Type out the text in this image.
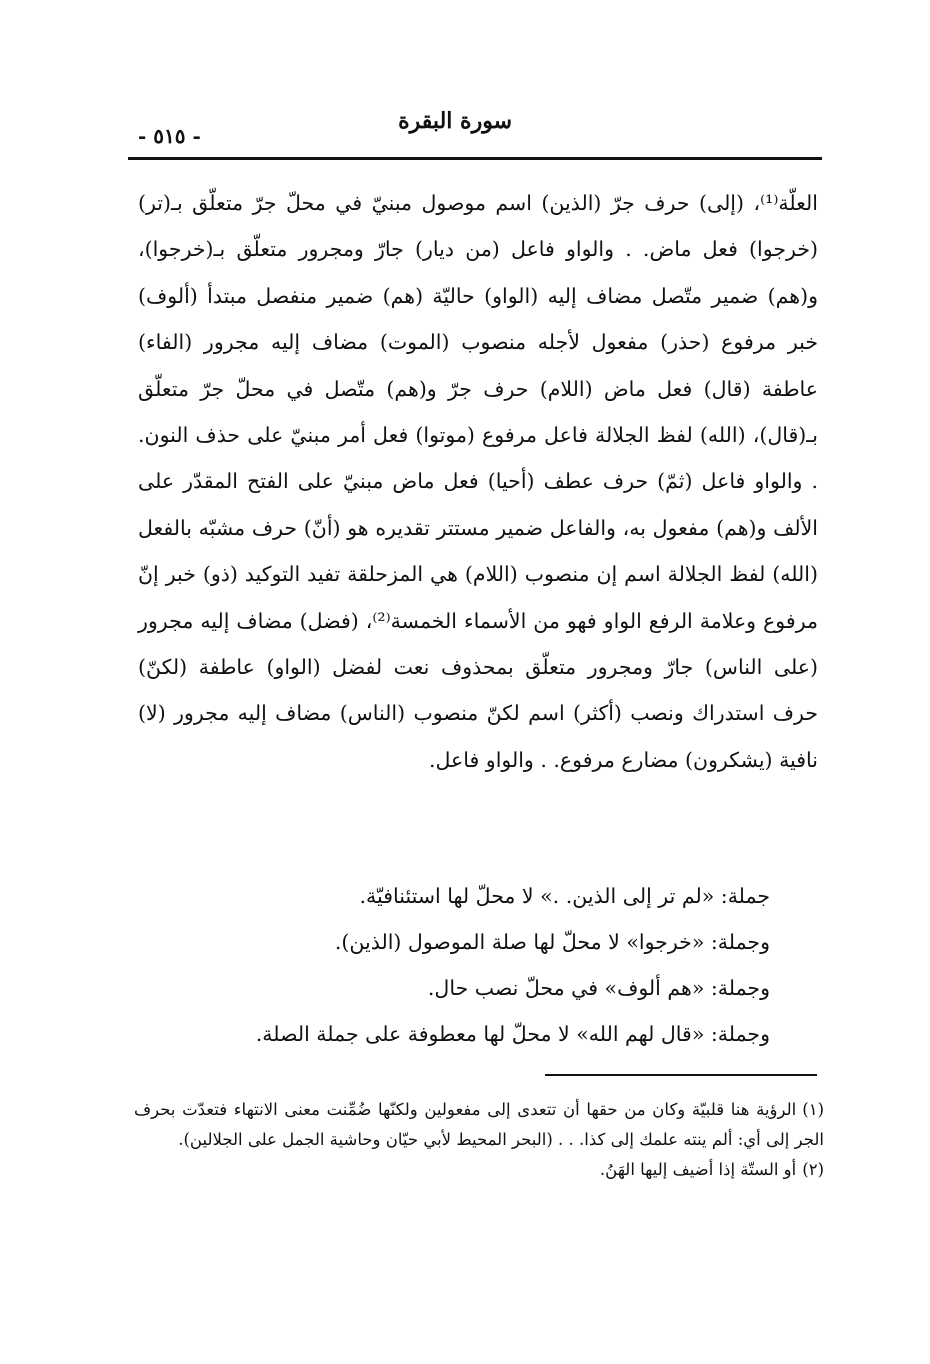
سورة البقرة
- ٥١٥ -

العلّة⁽¹⁾، (إلى) حرف جرّ (الذين) اسم موصول مبنيّ في محلّ جرّ متعلّق بـ(تر) (خرجوا) فعل ماض. . والواو فاعل (من ديار) جارّ ومجرور متعلّق بـ(خرجوا)، و(هم) ضمير متّصل مضاف إليه (الواو) حاليّة (هم) ضمير منفصل مبتدأ (ألوف) خبر مرفوع (حذر) مفعول لأجله منصوب (الموت) مضاف إليه مجرور (الفاء) عاطفة (قال) فعل ماض (اللام) حرف جرّ و(هم) متّصل في محلّ جرّ متعلّق بـ(قال)، (الله) لفظ الجلالة فاعل مرفوع (موتوا) فعل أمر مبنيّ على حذف النون. . والواو فاعل (ثمّ) حرف عطف (أحيا) فعل ماض مبنيّ على الفتح المقدّر على الألف و(هم) مفعول به، والفاعل ضمير مستتر تقديره هو (أنّ) حرف مشبّه بالفعل (الله) لفظ الجلالة اسم إن منصوب (اللام) هي المزحلقة تفيد التوكيد (ذو) خبر إنّ مرفوع وعلامة الرفع الواو فهو من الأسماء الخمسة⁽²⁾، (فضل) مضاف إليه مجرور (على الناس) جارّ ومجرور متعلّق بمحذوف نعت لفضل (الواو) عاطفة (لكنّ) حرف استدراك ونصب (أكثر) اسم لكنّ منصوب (الناس) مضاف إليه مجرور (لا) نافية (يشكرون) مضارع مرفوع. . والواو فاعل.

جملة: «لم تر إلى الذين. .» لا محلّ لها استئنافيّة.
وجملة: «خرجوا» لا محلّ لها صلة الموصول (الذين).
وجملة: «هم ألوف» في محلّ نصب حال.
وجملة: «قال لهم الله» لا محلّ لها معطوفة على جملة الصلة.

(١)الرؤية هنا قلبيّة وكان من حقها أن تتعدى إلى مفعولين ولكنّها ضُمِّنت معنى الانتهاء فتعدّت بحرف الجر إلى أي: ألم ينته علمك إلى كذا. . . (البحر المحيط لأبي حيّان وحاشية الجمل على الجلالين).

(٢)أو الستّة إذا أضيف إليها الهَنُ.
